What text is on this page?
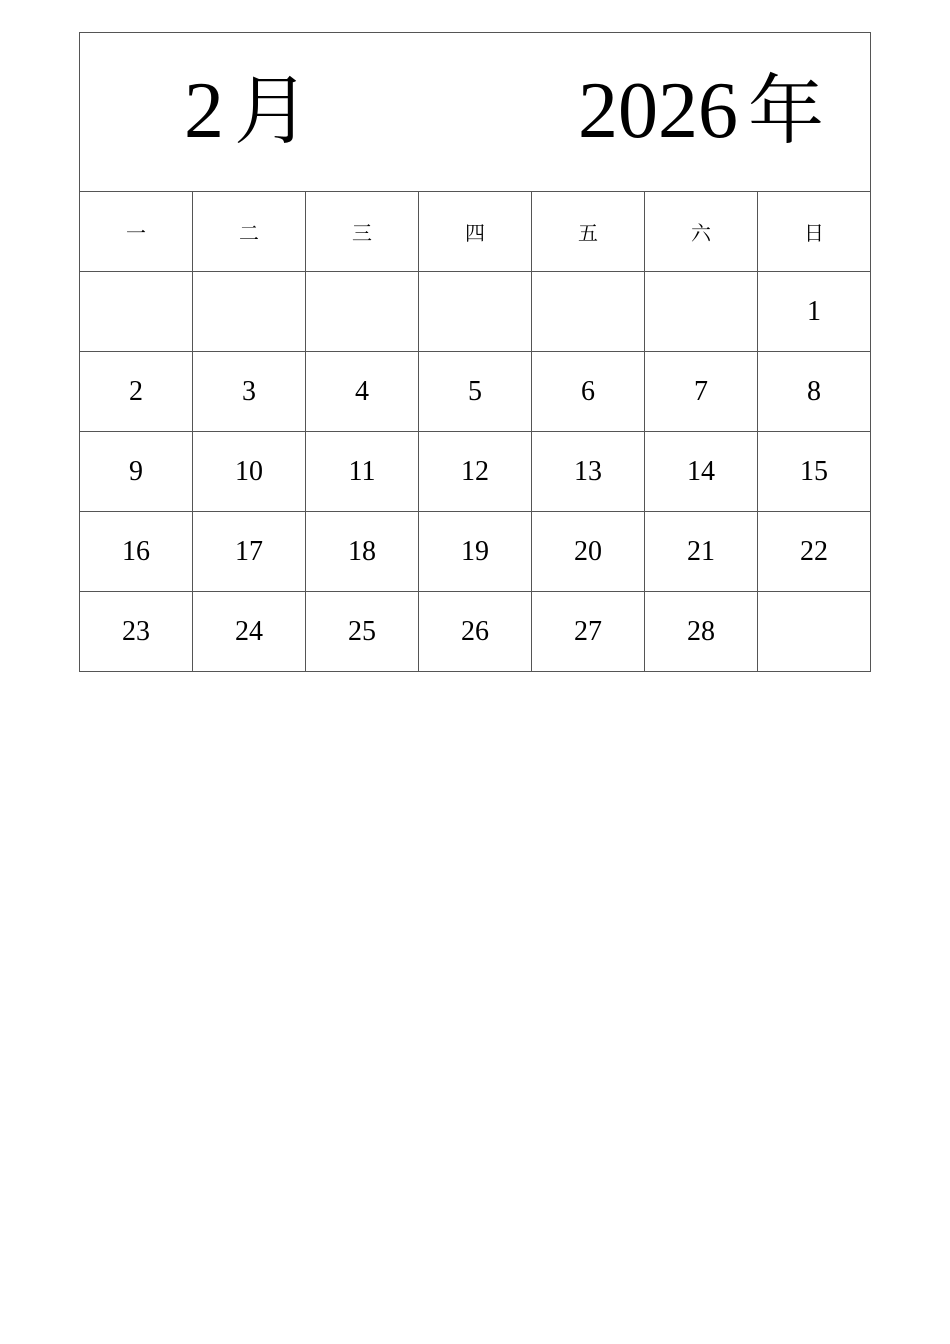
2 月 2026 年						

一	二	三	四	五	六	日
						1
2	3	4	5	6	7	8
9	10	11	12	13	14	15
16	17	18	19	20	21	22
23	24	25	26	27	28	
